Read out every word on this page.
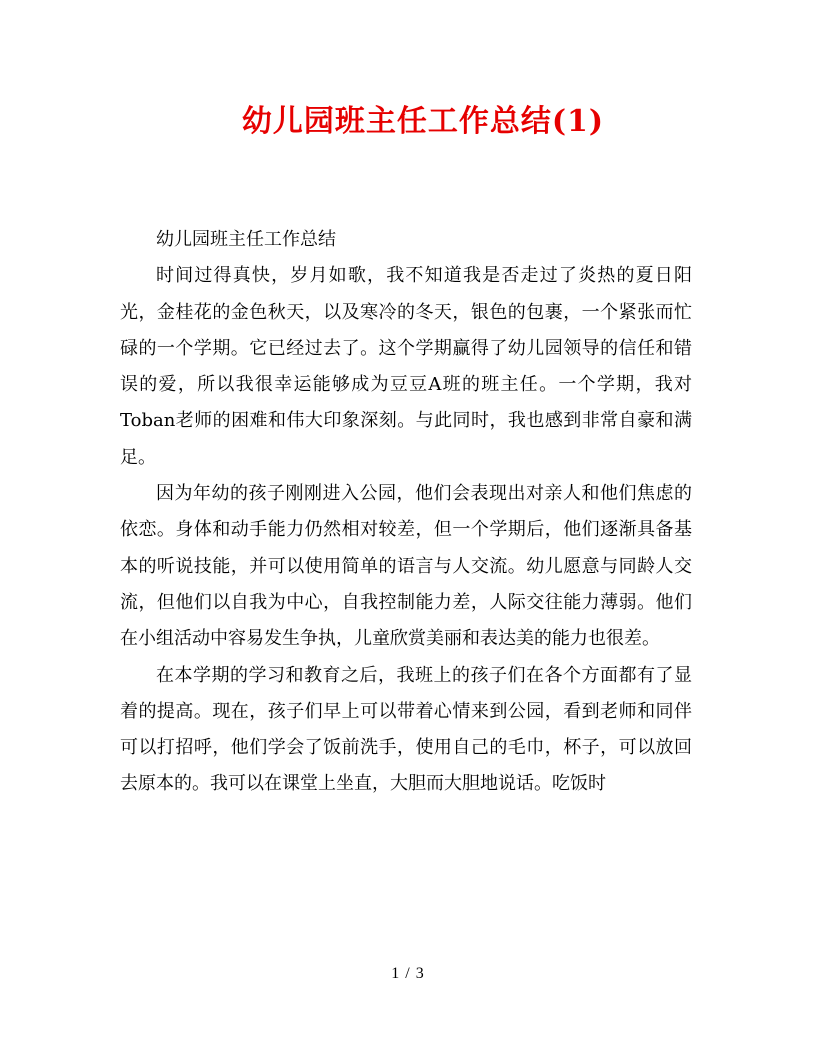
幼儿园班主任工作总结(1)

幼儿园班主任工作总结

时间过得真快，岁月如歌，我不知道我是否走过了炎热的夏日阳光，金桂花的金色秋天，以及寒冷的冬天，银色的包裹，一个紧张而忙碌的一个学期。它已经过去了。这个学期赢得了幼儿园领导的信任和错误的爱，所以我很幸运能够成为豆豆A班的班主任。一个学期，我对Toban老师的困难和伟大印象深刻。与此同时，我也感到非常自豪和满足。

因为年幼的孩子刚刚进入公园，他们会表现出对亲人和他们焦虑的依恋。身体和动手能力仍然相对较差，但一个学期后，他们逐渐具备基本的听说技能，并可以使用简单的语言与人交流。幼儿愿意与同龄人交流，但他们以自我为中心，自我控制能力差，人际交往能力薄弱。他们在小组活动中容易发生争执，儿童欣赏美丽和表达美的能力也很差。

在本学期的学习和教育之后，我班上的孩子们在各个方面都有了显着的提高。现在，孩子们早上可以带着心情来到公园，看到老师和同伴可以打招呼，他们学会了饭前洗手，使用自己的毛巾，杯子，可以放回去原本的。我可以在课堂上坐直，大胆而大胆地说话。吃饭时

1 / 3
